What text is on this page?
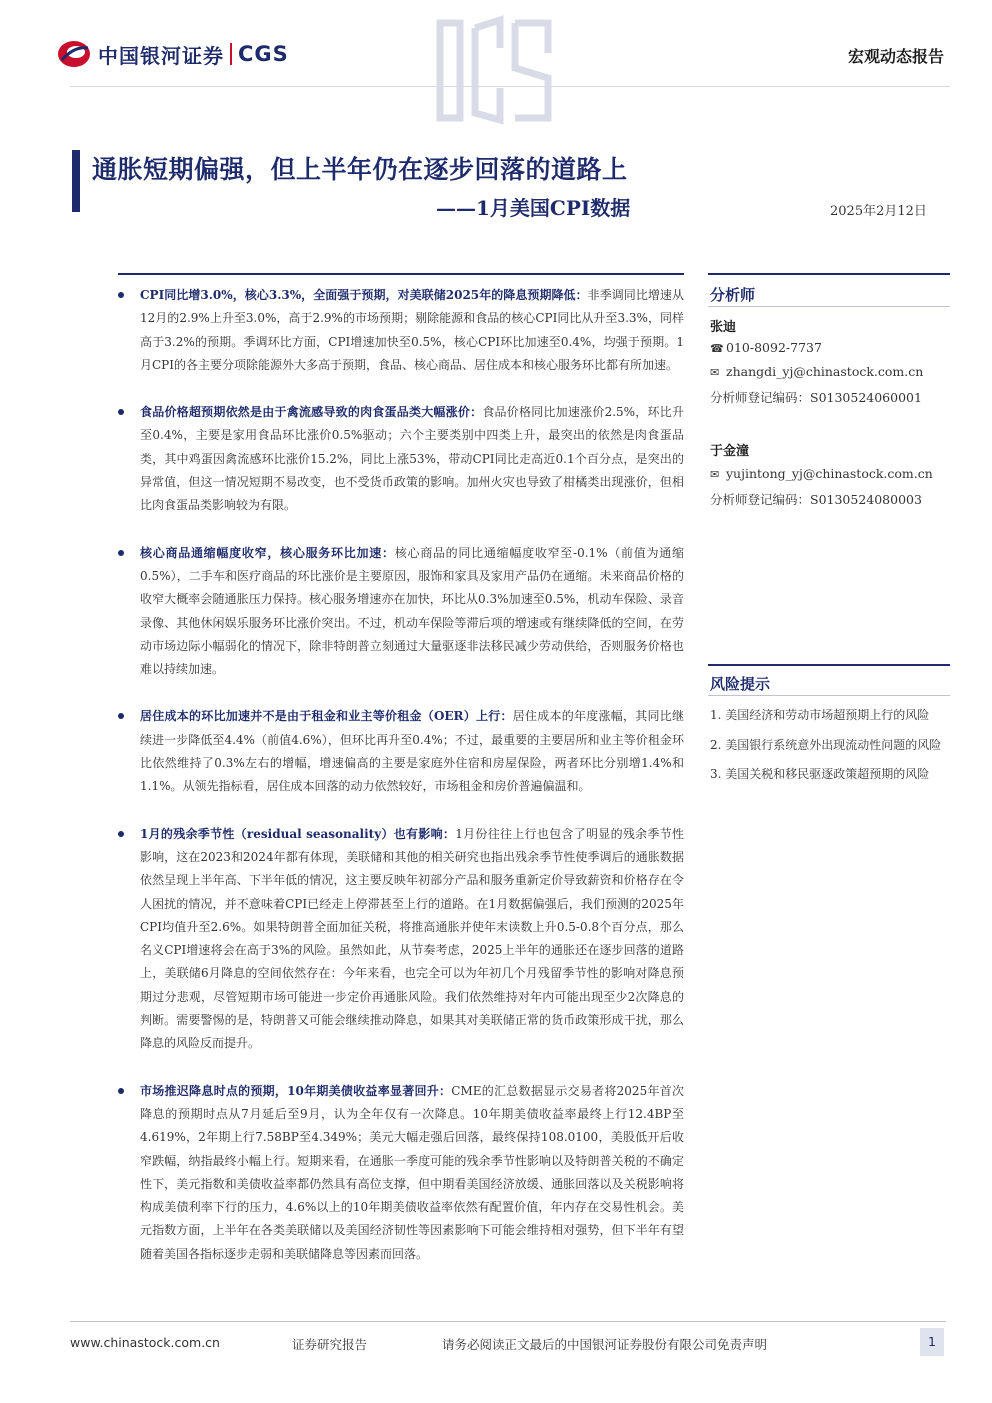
中国银河证券 CGS	宏观动态报告
通胀短期偏强，但上半年仍在逐步回落的道路上
——1月美国CPI数据	2025年2月12日
CPI同比增3.0%，核心3.3%，全面强于预期，对美联储2025年的降息预期降低：非季调同比增速从12月的2.9%上升至3.0%，高于2.9%的市场预期；剔除能源和食品的核心CPI同比从升至3.3%，同样高于3.2%的预期。季调环比方面，CPI增速加快至0.5%，核心CPI环比加速至0.4%，均强于预期。1月CPI的各主要分项除能源外大多高于预期，食品、核心商品、居住成本和核心服务环比都有所加速。
食品价格超预期依然是由于禽流感导致的肉食蛋品类大幅涨价：食品价格同比加速涨价2.5%，环比升至0.4%，主要是家用食品环比涨价0.5%驱动；六个主要类别中四类上升，最突出的依然是肉食蛋品类，其中鸡蛋因禽流感环比涨价15.2%，同比上涨53%，带动CPI同比走高近0.1个百分点，是突出的异常值，但这一情况短期不易改变，也不受货币政策的影响。加州火灾也导致了柑橘类出现涨价，但相比肉食蛋品类影响较为有限。
核心商品通缩幅度收窄，核心服务环比加速：核心商品的同比通缩幅度收窄至-0.1%（前值为通缩0.5%），二手车和医疗商品的环比涨价是主要原因，服饰和家具及家用产品仍在通缩。未来商品价格的收窄大概率会随通胀压力保持。核心服务增速亦在加快，环比从0.3%加速至0.5%，机动车保险、录音录像、其他休闲娱乐服务环比涨价突出。不过，机动车保险等滞后项的增速或有继续降低的空间，在劳动市场边际小幅弱化的情况下，除非特朗普立刻通过大量驱逐非法移民减少劳动供给，否则服务价格也难以持续加速。
居住成本的环比加速并不是由于租金和业主等价租金（OER）上行：居住成本的年度涨幅，其同比继续进一步降低至4.4%（前值4.6%），但环比再升至0.4%；不过，最重要的主要居所和业主等价租金环比依然维持了0.3%左右的增幅，增速偏高的主要是家庭外住宿和房屋保险，两者环比分别增1.4%和1.1%。从领先指标看，居住成本回落的动力依然较好，市场租金和房价普遍偏温和。
1月的残余季节性（residual seasonality）也有影响：1月份往往上行也包含了明显的残余季节性影响，这在2023和2024年都有体现，美联储和其他的相关研究也指出残余季节性使季调后的通胀数据依然呈现上半年高、下半年低的情况，这主要反映年初部分产品和服务重新定价导致薪资和价格存在令人困扰的情况，并不意味着CPI已经走上停滞甚至上行的道路。在1月数据偏强后，我们预测的2025年CPI均值升至2.6%。如果特朗普全面加征关税，将推高通胀并使年末读数上升0.5-0.8个百分点，那么名义CPI增速将会在高于3%的风险。虽然如此，从节奏考虑，2025上半年的通胀还在逐步回落的道路上，美联储6月降息的空间依然存在：今年来看，也完全可以为年初几个月残留季节性的影响对降息预期过分悲观，尽管短期市场可能进一步定价再通胀风险。我们依然维持对年内可能出现至少2次降息的判断。需要警惕的是，特朗普又可能会继续推动降息，如果其对美联储正常的货币政策形成干扰，那么降息的风险反而提升。
市场推迟降息时点的预期，10年期美债收益率显著回升：CME的汇总数据显示交易者将2025年首次降息的预期时点从7月延后至9月，认为全年仅有一次降息。10年期美债收益率最终上行12.4BP至4.619%，2年期上行7.58BP至4.349%；美元大幅走强后回落，最终保持108.0100，美股低开后收窄跌幅，纳指最终小幅上行。短期来看，在通胀一季度可能的残余季节性影响以及特朗普关税的不确定性下，美元指数和美债收益率都仍然具有高位支撑，但中期看美国经济放缓、通胀回落以及关税影响将构成美债利率下行的压力，4.6%以上的10年期美债收益率依然有配置价值，年内存在交易性机会。美元指数方面，上半年在各类美联储以及美国经济韧性等因素影响下可能会维持相对强势，但下半年有望随着美国各指标逐步走弱和美联储降息等因素而回落。
分析师
张迪
☎ 010-8092-7737
✉ zhangdi_yj@chinastock.com.cn
分析师登记编码：S0130524060001
于金潼
✉ yujintong_yj@chinastock.com.cn
分析师登记编码：S0130524080003
风险提示
1. 美国经济和劳动市场超预期上行的风险
2. 美国银行系统意外出现流动性问题的风险
3. 美国关税和移民驱逐政策超预期的风险
www.chinastock.com.cn	证券研究报告	请务必阅读正文最后的中国银河证券股份有限公司免责声明	1
